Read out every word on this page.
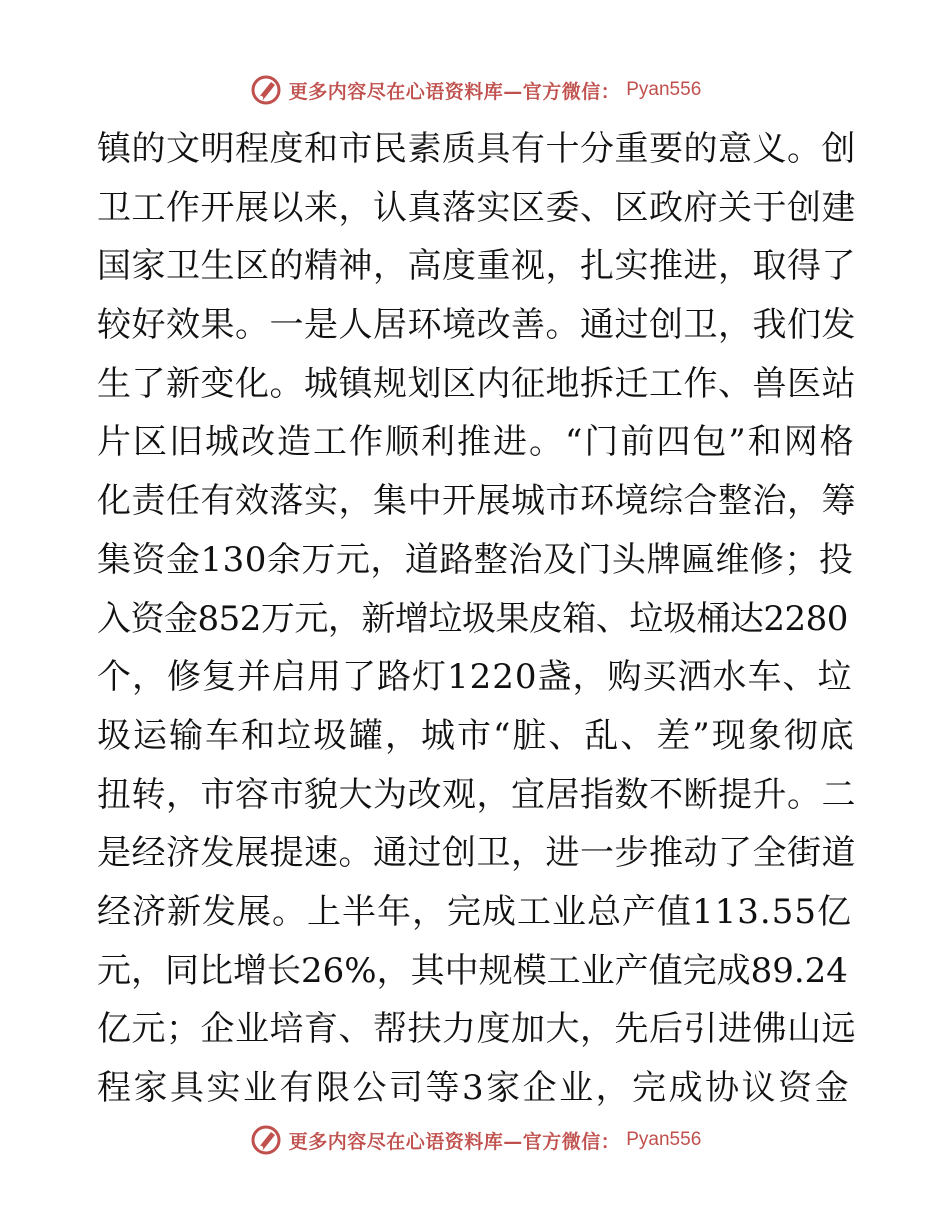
更多内容尽在心语资料库—官方微信： Pyan556
镇的文明程度和市民素质具有十分重要的意义。创
卫工作开展以来，认真落实区委、区政府关于创建
国家卫生区的精神，高度重视，扎实推进，取得了
较好效果。一是人居环境改善。通过创卫，我们发
生了新变化。城镇规划区内征地拆迁工作、兽医站
片区旧城改造工作顺利推进。“门前四包”和网格
化责任有效落实，集中开展城市环境综合整治，筹
集资金130余万元，道路整治及门头牌匾维修；投
入资金852万元，新增垃圾果皮箱、垃圾桶达2280
个，修复并启用了路灯1220盏，购买洒水车、垃
圾运输车和垃圾罐，城市“脏、乱、差”现象彻底
扭转，市容市貌大为改观，宜居指数不断提升。二
是经济发展提速。通过创卫，进一步推动了全街道
经济新发展。上半年，完成工业总产值113.55亿
元，同比增长26%，其中规模工业产值完成89.24
亿元；企业培育、帮扶力度加大，先后引进佛山远
程家具实业有限公司等3家企业，完成协议资金
更多内容尽在心语资料库—官方微信： Pyan556
